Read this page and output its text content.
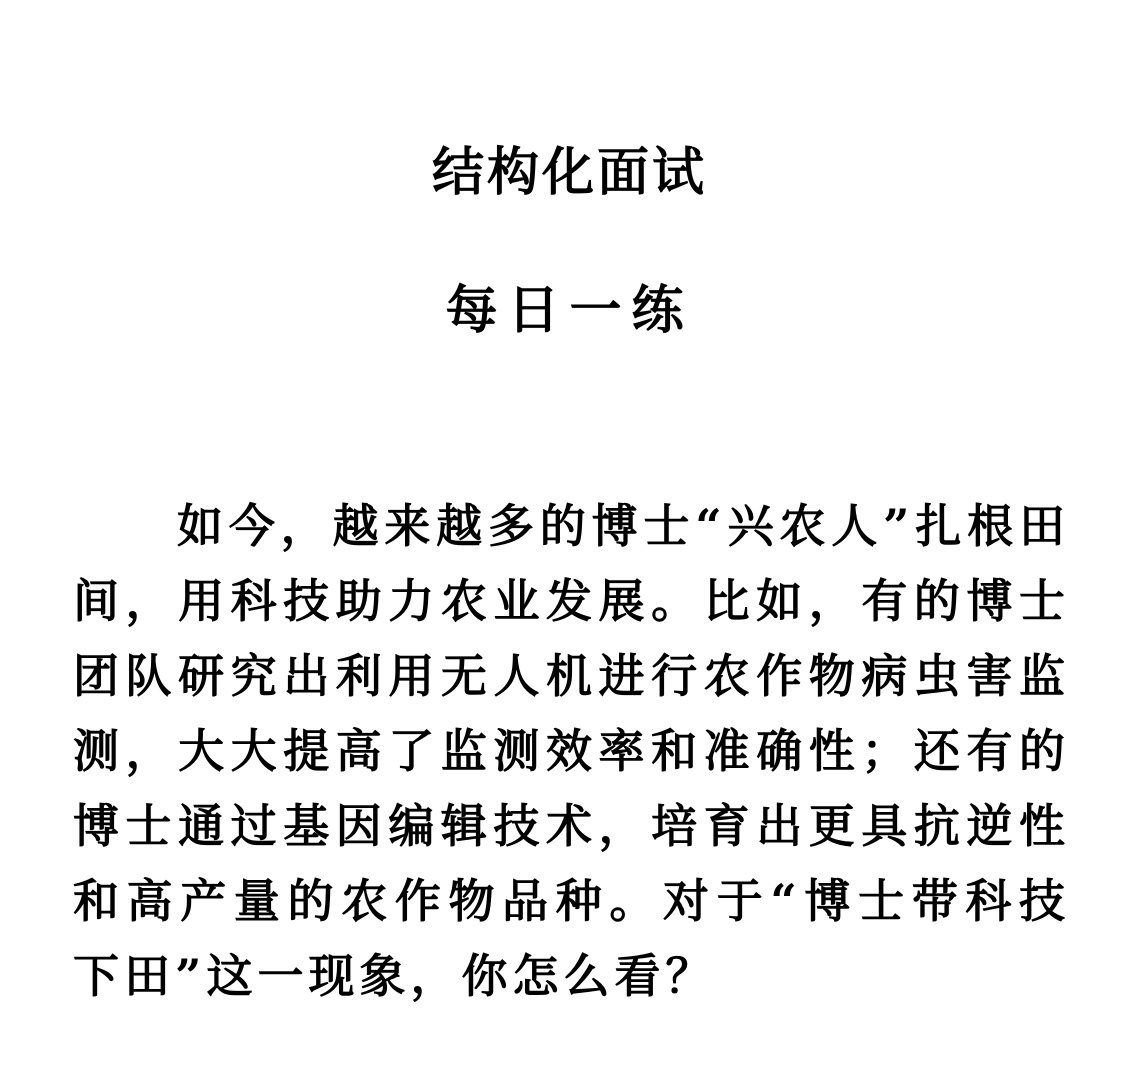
结构化面试
每日一练

如今，越来越多的博士“兴农人”扎根田间，用科技助力农业发展。比如，有的博士团队研究出利用无人机进行农作物病虫害监测，大大提高了监测效率和准确性；还有的博士通过基因编辑技术，培育出更具抗逆性和高产量的农作物品种。对于“博士带科技下田”这一现象，你怎么看？
